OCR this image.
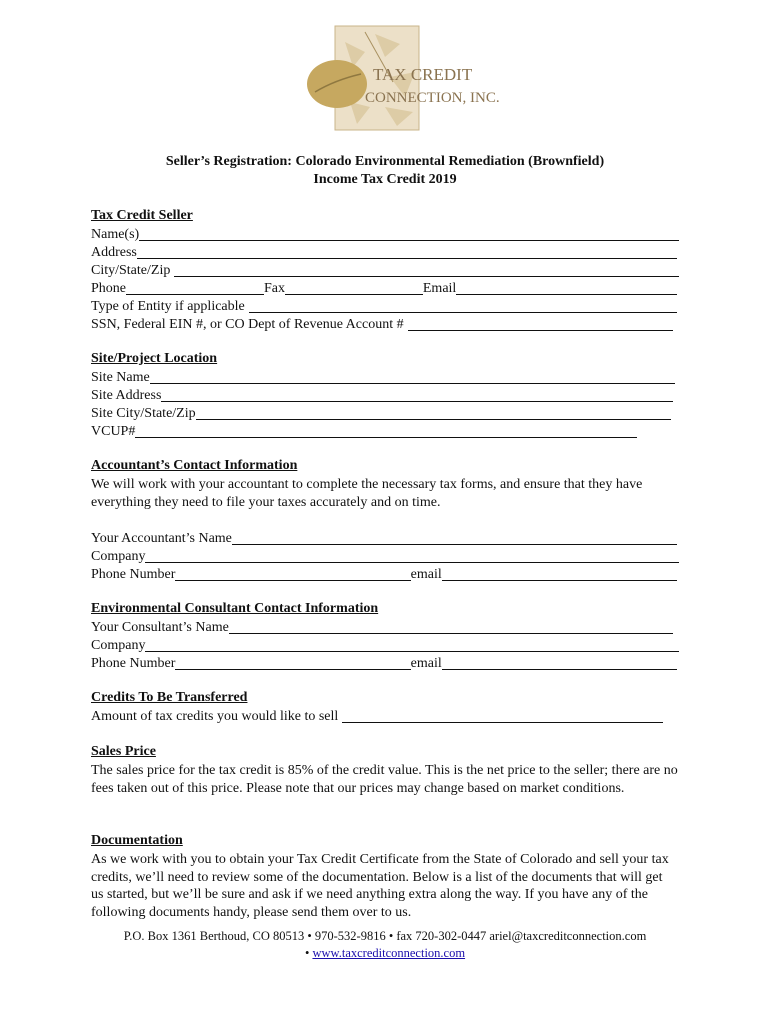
TAX CREDIT
CONNECTION, INC.
Seller’s Registration: Colorado Environmental Remediation (Brownfield)
Income Tax Credit 2019
Tax Credit Seller
Name(s)
Address
City/State/Zip
Phone	Fax	Email
Type of Entity if applicable
SSN, Federal EIN #, or CO Dept of Revenue Account #
Site/Project Location
Site Name
Site Address
Site City/State/Zip
VCUP#
Accountant’s Contact Information
We will work with your accountant to complete the necessary tax forms, and ensure that they have everything they need to file your taxes accurately and on time.
Your Accountant’s Name
Company
Phone Number	email
Environmental Consultant Contact Information
Your Consultant’s Name
Company
Phone Number	email
Credits To Be Transferred
Amount of tax credits you would like to sell
Sales Price
The sales price for the tax credit is 85% of the credit value. This is the net price to the seller; there are no fees taken out of this price. Please note that our prices may change based on market conditions.
Documentation
As we work with you to obtain your Tax Credit Certificate from the State of Colorado and sell your tax credits, we’ll need to review some of the documentation. Below is a list of the documents that will get us started, but we’ll be sure and ask if we need anything extra along the way. If you have any of the following documents handy, please send them over to us.
P.O. Box 1361 Berthoud, CO 80513 • 970-532-9816 • fax 720-302-0447 ariel@taxcreditconnection.com
• www.taxcreditconnection.com
